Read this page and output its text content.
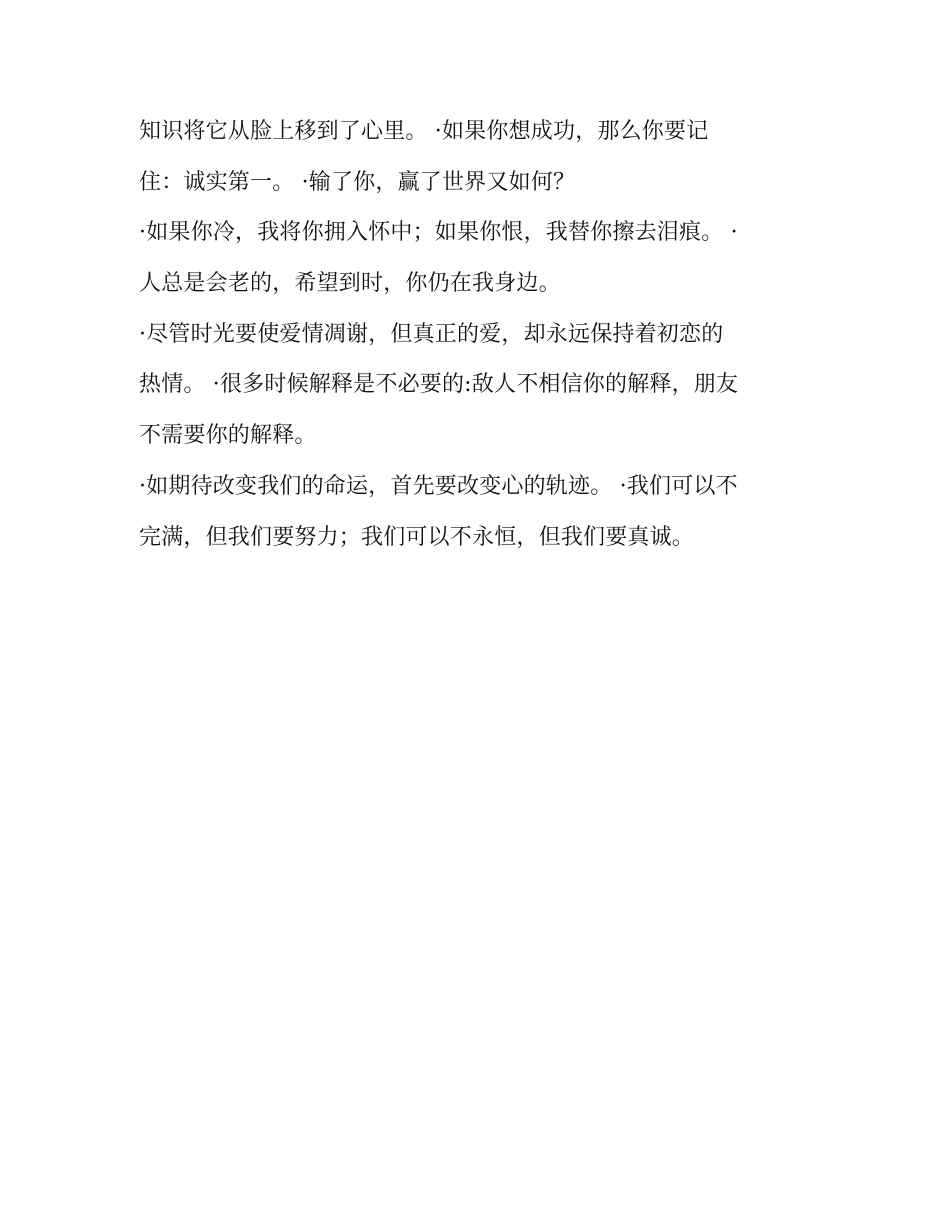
知识将它从脸上移到了心里。 ·如果你想成功，那么你要记
住：诚实第一。 ·输了你，赢了世界又如何？
·如果你冷，我将你拥入怀中；如果你恨，我替你擦去泪痕。 ·
人总是会老的，希望到时，你仍在我身边。
·尽管时光要使爱情凋谢，但真正的爱，却永远保持着初恋的
热情。 ·很多时候解释是不必要的:敌人不相信你的解释，朋友
不需要你的解释。
·如期待改变我们的命运，首先要改变心的轨迹。 ·我们可以不
完满，但我们要努力；我们可以不永恒，但我们要真诚。
